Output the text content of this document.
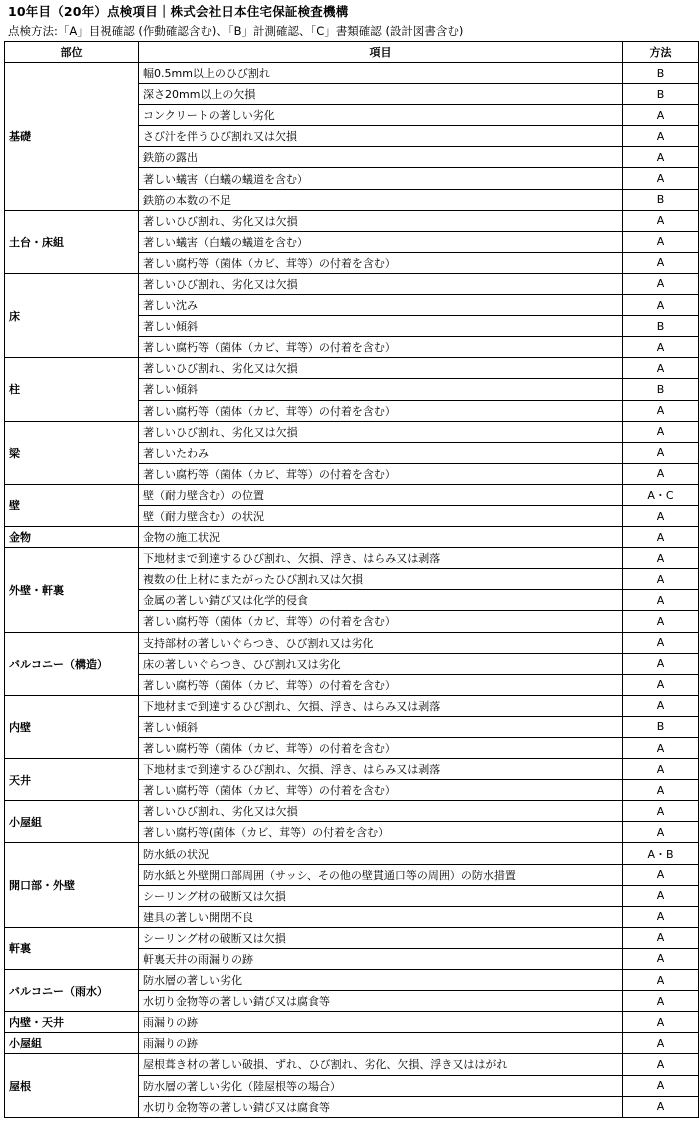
10年目（20年）点検項目｜株式会社日本住宅保証検査機構
点検方法:「A」目視確認 (作動確認含む)、「B」計測確認、「C」書類確認 (設計図書含む)
部位	項目	方法
基礎	幅0.5mm以上のひび割れ	B
	深さ20mm以上の欠損	B
	コンクリートの著しい劣化	A
	さび汁を伴うひび割れ又は欠損	A
	鉄筋の露出	A
	著しい蟻害（白蟻の蟻道を含む）	A
	鉄筋の本数の不足	B
土台・床組	著しいひび割れ、劣化又は欠損	A
	著しい蟻害（白蟻の蟻道を含む）	A
	著しい腐朽等（菌体（カビ、茸等）の付着を含む）	A
床	著しいひび割れ、劣化又は欠損	A
	著しい沈み	A
	著しい傾斜	B
	著しい腐朽等（菌体（カビ、茸等）の付着を含む）	A
柱	著しいひび割れ、劣化又は欠損	A
	著しい傾斜	B
	著しい腐朽等（菌体（カビ、茸等）の付着を含む）	A
梁	著しいひび割れ、劣化又は欠損	A
	著しいたわみ	A
	著しい腐朽等（菌体（カビ、茸等）の付着を含む）	A
壁	壁（耐力壁含む）の位置	A・C
	壁（耐力壁含む）の状況	A
金物	金物の施工状況	A
外壁・軒裏	下地材まで到達するひび割れ、欠損、浮き、はらみ又は剥落	A
	複数の仕上材にまたがったひび割れ又は欠損	A
	金属の著しい錆び又は化学的侵食	A
	著しい腐朽等（菌体（カビ、茸等）の付着を含む）	A
バルコニー（構造）	支持部材の著しいぐらつき、ひび割れ又は劣化	A
	床の著しいぐらつき、ひび割れ又は劣化	A
	著しい腐朽等（菌体（カビ、茸等）の付着を含む）	A
内壁	下地材まで到達するひび割れ、欠損、浮き、はらみ又は剥落	A
	著しい傾斜	B
	著しい腐朽等（菌体（カビ、茸等）の付着を含む）	A
天井	下地材まで到達するひび割れ、欠損、浮き、はらみ又は剥落	A
	著しい腐朽等（菌体（カビ、茸等）の付着を含む）	A
小屋組	著しいひび割れ、劣化又は欠損	A
	著しい腐朽等(菌体（カビ、茸等）の付着を含む）	A
開口部・外壁	防水紙の状況	A・B
	防水紙と外壁開口部周囲（サッシ、その他の壁貫通口等の周囲）の防水措置	A
	シーリング材の破断又は欠損	A
	建具の著しい開閉不良	A
軒裏	シーリング材の破断又は欠損	A
	軒裏天井の雨漏りの跡	A
バルコニー（雨水）	防水層の著しい劣化	A
	水切り金物等の著しい錆び又は腐食等	A
内壁・天井	雨漏りの跡	A
小屋組	雨漏りの跡	A
屋根	屋根葺き材の著しい破損、ずれ、ひび割れ、劣化、欠損、浮き又ははがれ	A
	防水層の著しい劣化（陸屋根等の場合）	A
	水切り金物等の著しい錆び又は腐食等	A
